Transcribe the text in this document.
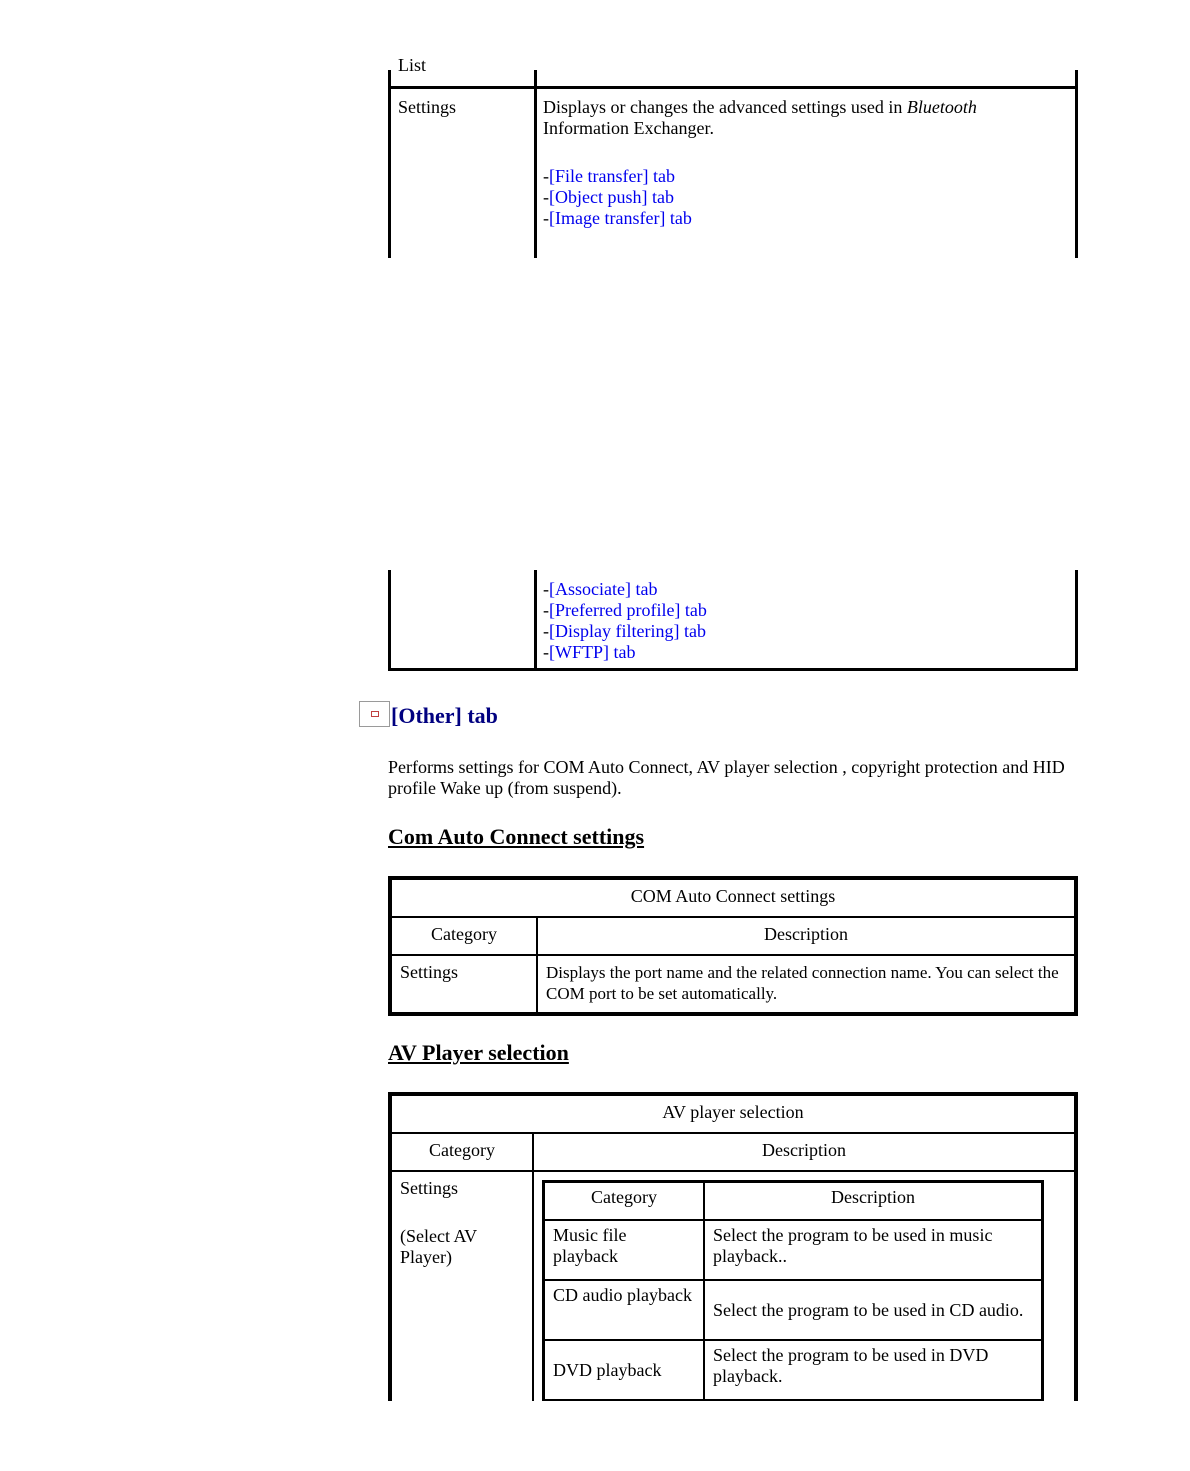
List
Settings	Displays or changes the advanced settings used in Bluetooth Information Exchanger.
-[File transfer] tab
-[Object push] tab
-[Image transfer] tab
-[Associate] tab
-[Preferred profile] tab
-[Display filtering] tab
-[WFTP] tab
[Other] tab
Performs settings for COM Auto Connect, AV player selection , copyright protection and HID profile Wake up (from suspend).
Com Auto Connect settings
COM Auto Connect settings	
Category	Description
Settings	Displays the port name and the related connection name. You can select the COM port to be set automatically.
AV Player selection
AV player selection
Category	Description

Settings
(Select AV Player)

Category	Description
Music file playback	Select the program to be used in music playback..
CD audio playback	Select the program to be used in CD audio.
DVD playback	Select the program to be used in DVD playback.
